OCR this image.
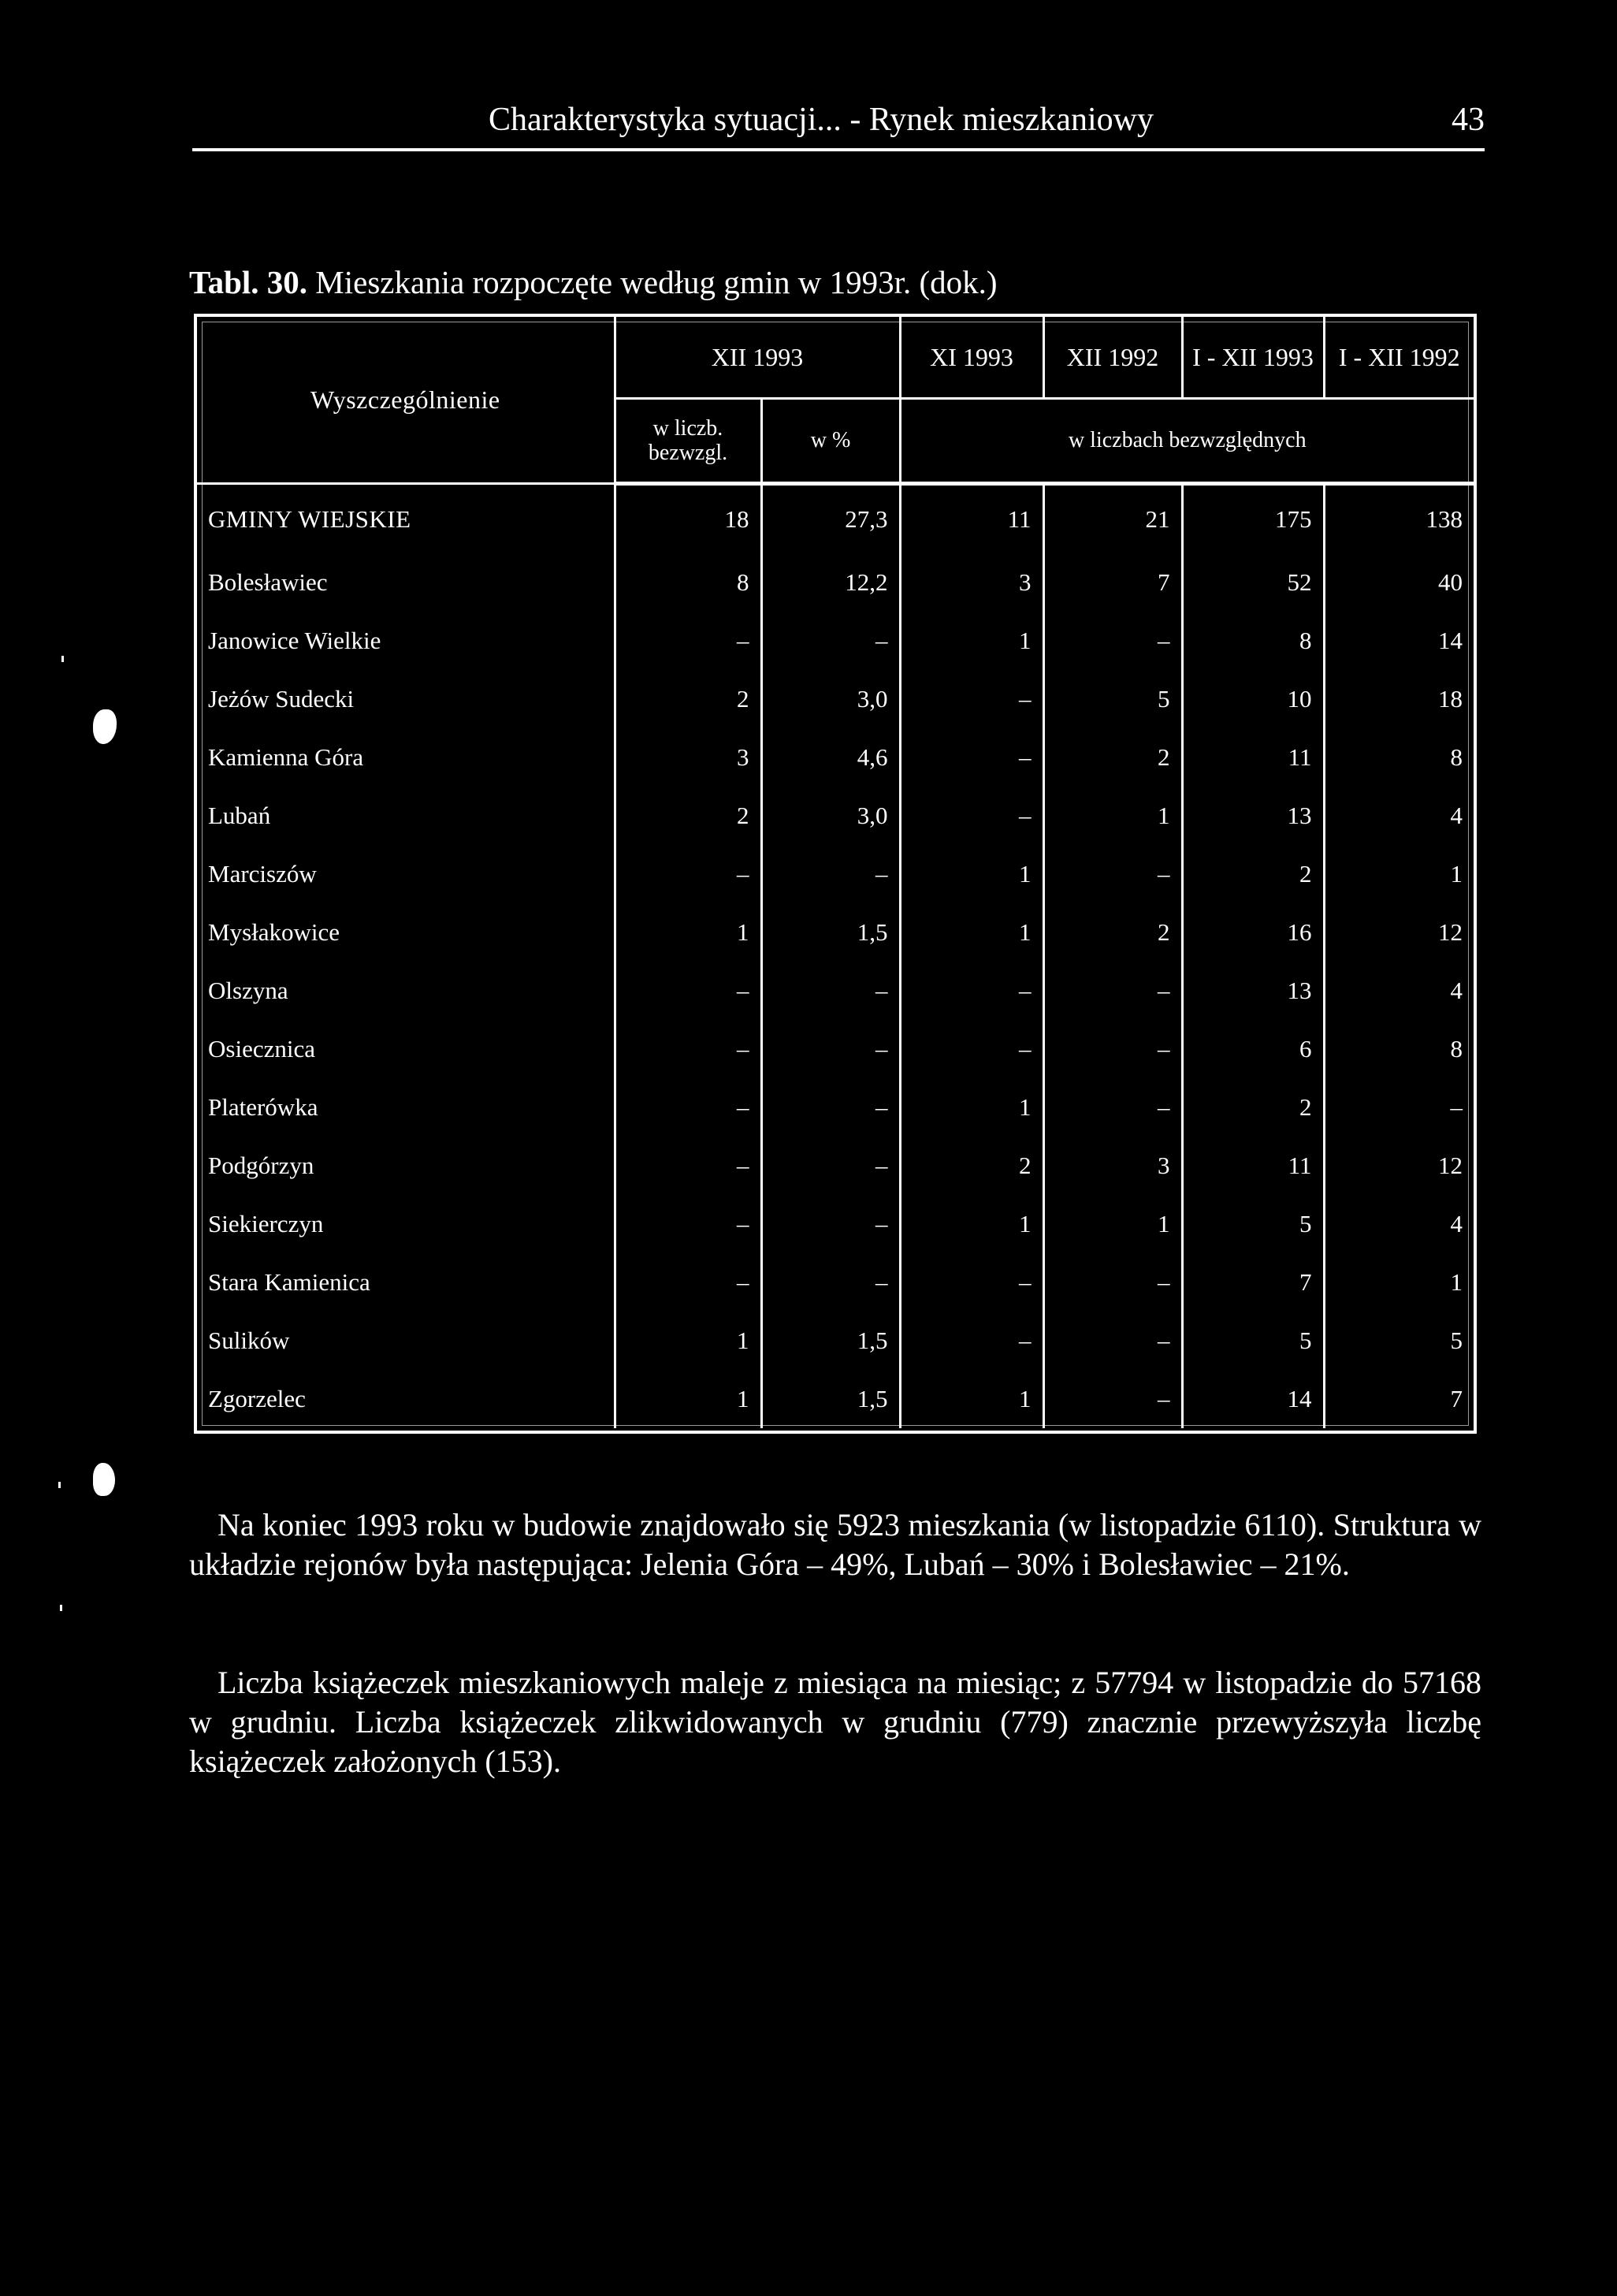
Charakterystyka sytuacji... - Rynek mieszkaniowy	43
Tabl. 30. Mieszkania rozpoczęte według gmin w 1993r. (dok.)
Wyszczególnienie	XII 1993		XI 1993	XII 1992	I - XII 1993	I - XII 1992
	w liczb. bezwzgl.	w %	w liczbach bezwzględnych			
GMINY WIEJSKIE	18	27,3	11	21	175	138
Bolesławiec	8	12,2	3	7	52	40
Janowice Wielkie	–	–	1	–	8	14
Jeżów Sudecki	2	3,0	–	5	10	18
Kamienna Góra	3	4,6	–	2	11	8
Lubań	2	3,0	–	1	13	4
Marciszów	–	–	1	–	2	1
Mysłakowice	1	1,5	1	2	16	12
Olszyna	–	–	–	–	13	4
Osiecznica	–	–	–	–	6	8
Platerówka	–	–	1	–	2	–
Podgórzyn	–	–	2	3	11	12
Siekierczyn	–	–	1	1	5	4
Stara Kamienica	–	–	–	–	7	1
Sulików	1	1,5	–	–	5	5
Zgorzelec	1	1,5	1	–	14	7

Na koniec 1993 roku w budowie znajdowało się 5923 mieszkania (w listopadzie 6110). Struktura w układzie rejonów była następująca: Jelenia Góra – 49%, Lubań – 30% i Bolesławiec – 21%.

Liczba książeczek mieszkaniowych maleje z miesiąca na miesiąc; z 57794 w listopadzie do 57168 w grudniu. Liczba książeczek zlikwidowanych w grudniu (779) znacznie przewyższyła liczbę książeczek założonych (153).
